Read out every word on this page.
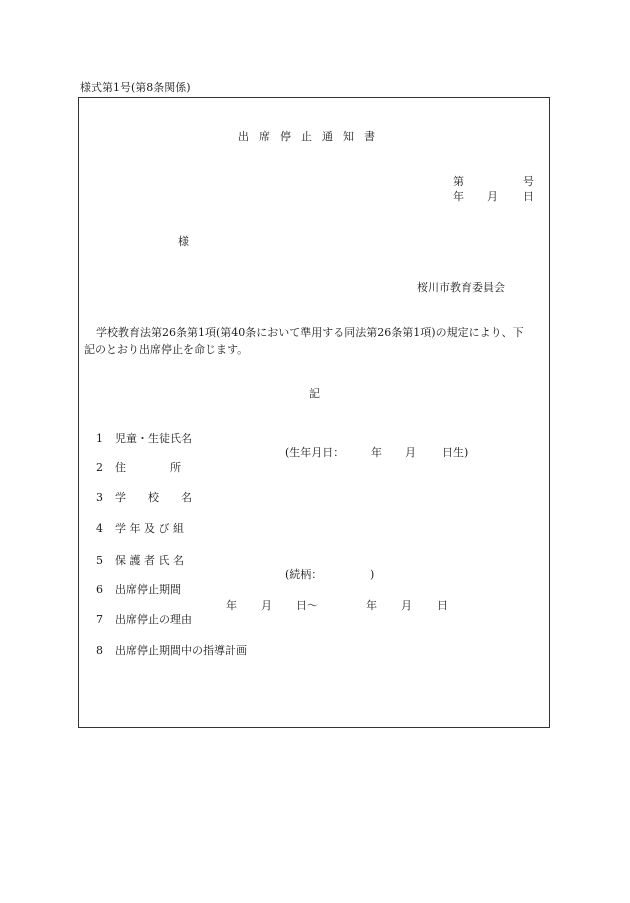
様式第1号(第8条関係)
出席停止通知書
第	号
年 月 日
様
桜川市教育委員会
学校教育法第26条第1項(第40条において準用する同法第26条第1項)の規定により、下
記のとおり出席停止を命じます。
記
1 児童・生徒氏名
2 住　　　　所
3 学　　校　　名
4 学 年 及 び 組
5 保 護 者 氏 名
6 出席停止期間
7 出席停止の理由
8 出席停止期間中の指導計画
(生年月日： 年 月 日生)
(続柄：	)
年 月 日～	年 月 日
